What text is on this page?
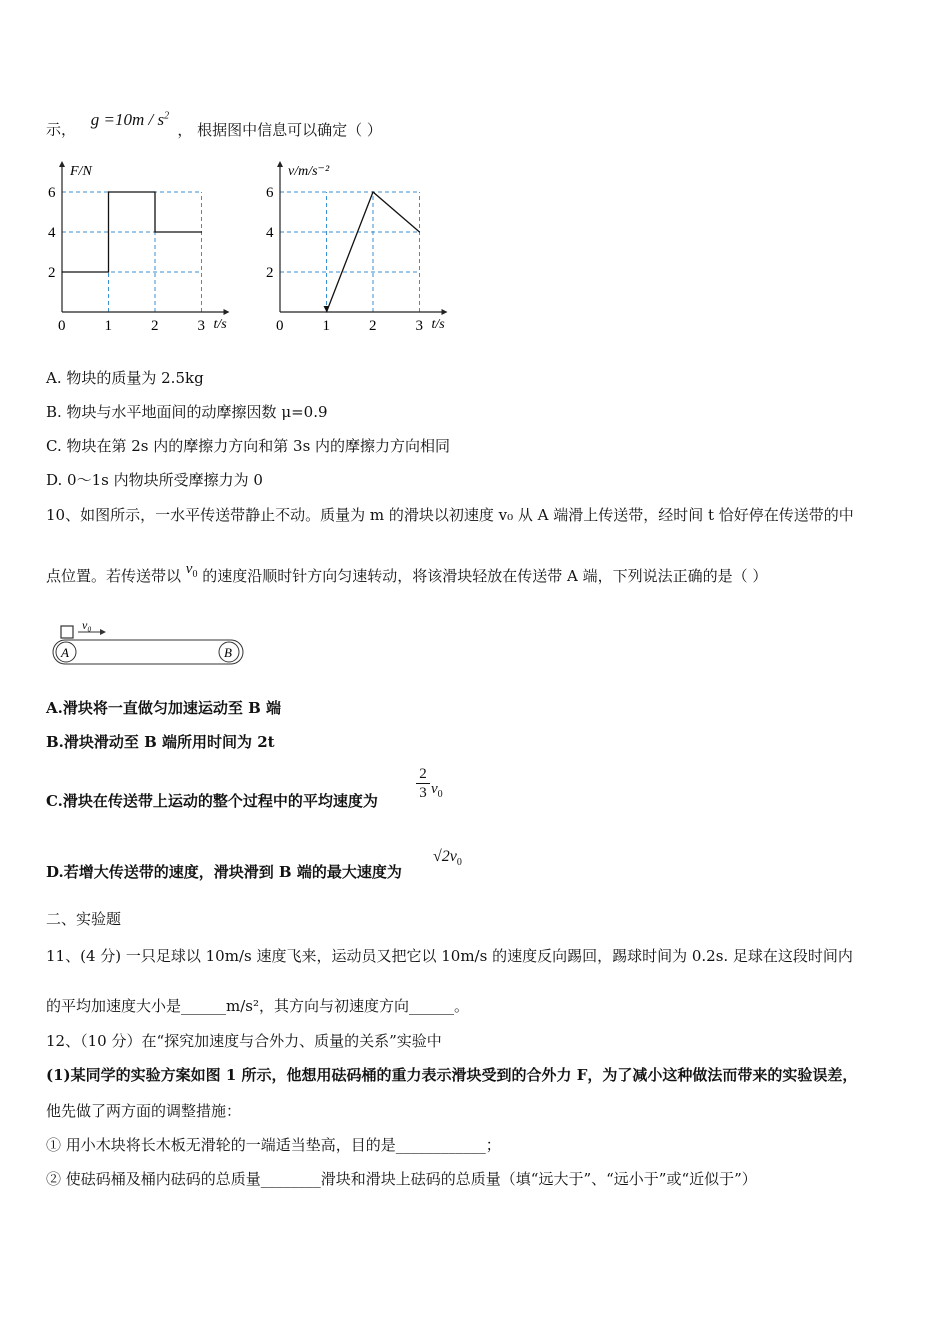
示， $g =10m / s^2$ ， 根据图中信息可以确定（ ）
0	1	2	3
2
4
6
t/s
F/N
0	1	2	3
2
4
6
t/s
v/m/s⁻²
A. 物块的质量为 2.5kg
B. 物块与水平地面间的动摩擦因数 μ=0.9
C. 物块在第 2s 内的摩擦力方向和第 3s 内的摩擦力方向相同
D. 0～1s 内物块所受摩擦力为 0
10、如图所示，一水平传送带静止不动。质量为 m 的滑块以初速度 v₀ 从 A 端滑上传送带，经时间 t 恰好停在传送带的中
点位置。若传送带以 $v_0$ 的速度沿顺时针方向匀速转动，将该滑块轻放在传送带 A 端，下列说法正确的是（ ）
v₀
A	B
A.滑块将一直做匀加速运动至 B 端
B.滑块滑动至 B 端所用时间为 2t
C.滑块在传送带上运动的整个过程中的平均速度为
2
3 $v_0$
D.若增大传送带的速度，滑块滑到 B 端的最大速度为
$√2v_0$
二、实验题
11、(4 分) 一只足球以 10m/s 速度飞来，运动员又把它以 10m/s 的速度反向踢回，踢球时间为 0.2s. 足球在这段时间内
的平均加速度大小是______m/s²，其方向与初速度方向______。
12、（10 分）在“探究加速度与合外力、质量的关系”实验中
(1)某同学的实验方案如图 1 所示，他想用砝码桶的重力表示滑块受到的合外力 F，为了减小这种做法而带来的实验误差，
他先做了两方面的调整措施：
① 用小木块将长木板无滑轮的一端适当垫高，目的是____________；
② 使砝码桶及桶内砝码的总质量________滑块和滑块上砝码的总质量（填“远大于”、“远小于”或“近似于”）
